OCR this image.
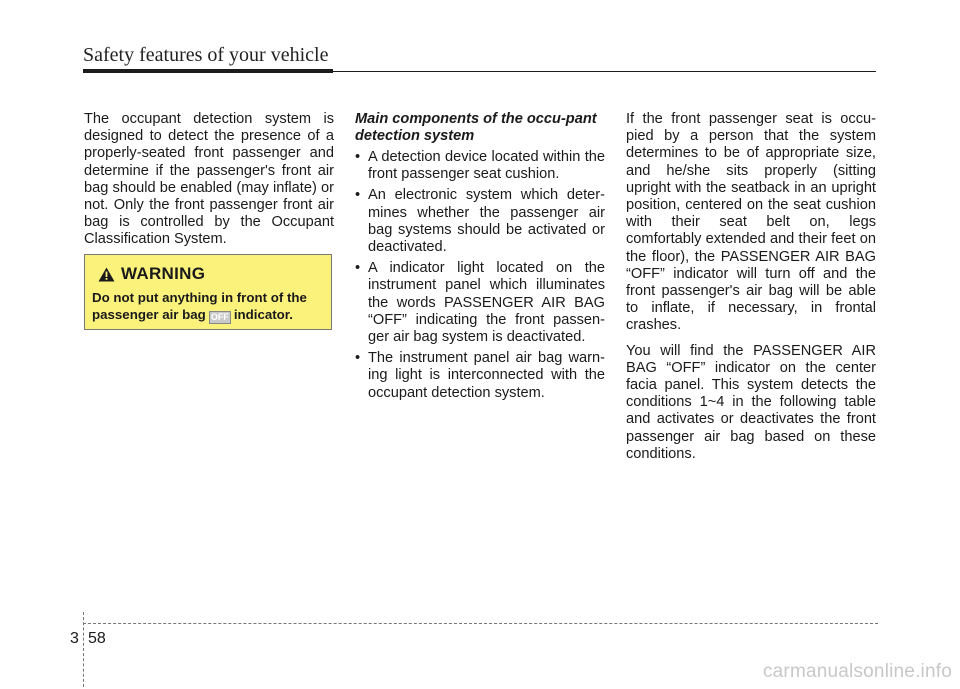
Safety features of your vehicle

The occupant detection system is designed to detect the presence of a properly-seated front passenger and determine if the passenger's front air bag should be enabled (may inflate) or not. Only the front passenger front air bag is controlled by the Occupant Classification System.

WARNING
Do not put anything in front of the passenger air bag OFF indicator.
Main components of the occu-pant detection system
• A detection device located within the front passenger seat cushion.
• An electronic system which deter-mines whether the passenger air bag systems should be activated or deactivated.
• A indicator light located on the instrument panel which illuminates the words PASSENGER AIR BAG “OFF” indicating the front passen-ger air bag system is deactivated.
• The instrument panel air bag warn-ing light is interconnected with the occupant detection system.

If the front passenger seat is occu-pied by a person that the system determines to be of appropriate size, and he/she sits properly (sitting upright with the seatback in an upright position, centered on the seat cushion with their seat belt on, legs comfortably extended and their feet on the floor), the PASSENGER AIR BAG “OFF” indicator will turn off and the front passenger's air bag will be able to inflate, if necessary, in frontal crashes.

You will find the PASSENGER AIR BAG “OFF” indicator on the center facia panel. This system detects the conditions 1~4 in the following table and activates or deactivates the front passenger air bag based on these conditions.

3 58
carmanualsonline.info
